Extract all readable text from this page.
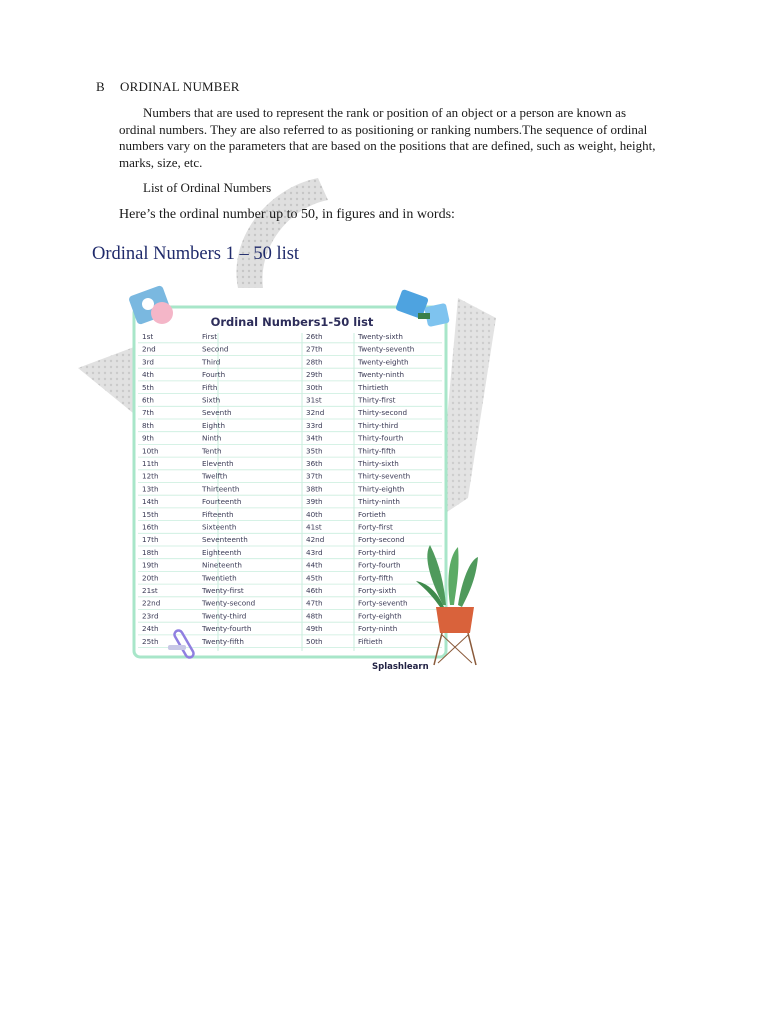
B ORDINAL NUMBER
Numbers that are used to represent the rank or position of an object or a person are known as ordinal numbers. They are also referred to as positioning or ranking numbers.The sequence of ordinal numbers vary on the parameters that are based on the positions that are defined, such as weight, height, marks, size, etc.
List of Ordinal Numbers
Here’s the ordinal number up to 50, in figures and in words:
Ordinal Numbers 1 – 50 list
Ordinal Numbers1-50 list
1st	First	26th	Twenty-sixth
2nd	Second	27th	Twenty-seventh
3rd	Third	28th	Twenty-eighth
4th	Fourth	29th	Twenty-ninth
5th	Fifth	30th	Thirtieth
6th	Sixth	31st	Thirty-first
7th	Seventh	32nd	Thirty-second
8th	Eighth	33rd	Thirty-third
9th	Ninth	34th	Thirty-fourth
10th	Tenth	35th	Thirty-fifth
11th	Eleventh	36th	Thirty-sixth
12th	Twelfth	37th	Thirty-seventh
13th	Thirteenth	38th	Thirty-eighth
14th	Fourteenth	39th	Thirty-ninth
15th	Fifteenth	40th	Fortieth
16th	Sixteenth	41st	Forty-first
17th	Seventeenth	42nd	Forty-second
18th	Eighteenth	43rd	Forty-third
19th	Nineteenth	44th	Forty-fourth
20th	Twentieth	45th	Forty-fifth
21st	Twenty-first	46th	Forty-sixth
22nd	Twenty-second	47th	Forty-seventh
23rd	Twenty-third	48th	Forty-eighth
24th	Twenty-fourth	49th	Forty-ninth
25th	Twenty-fifth	50th	Fiftieth
Splashlearn
